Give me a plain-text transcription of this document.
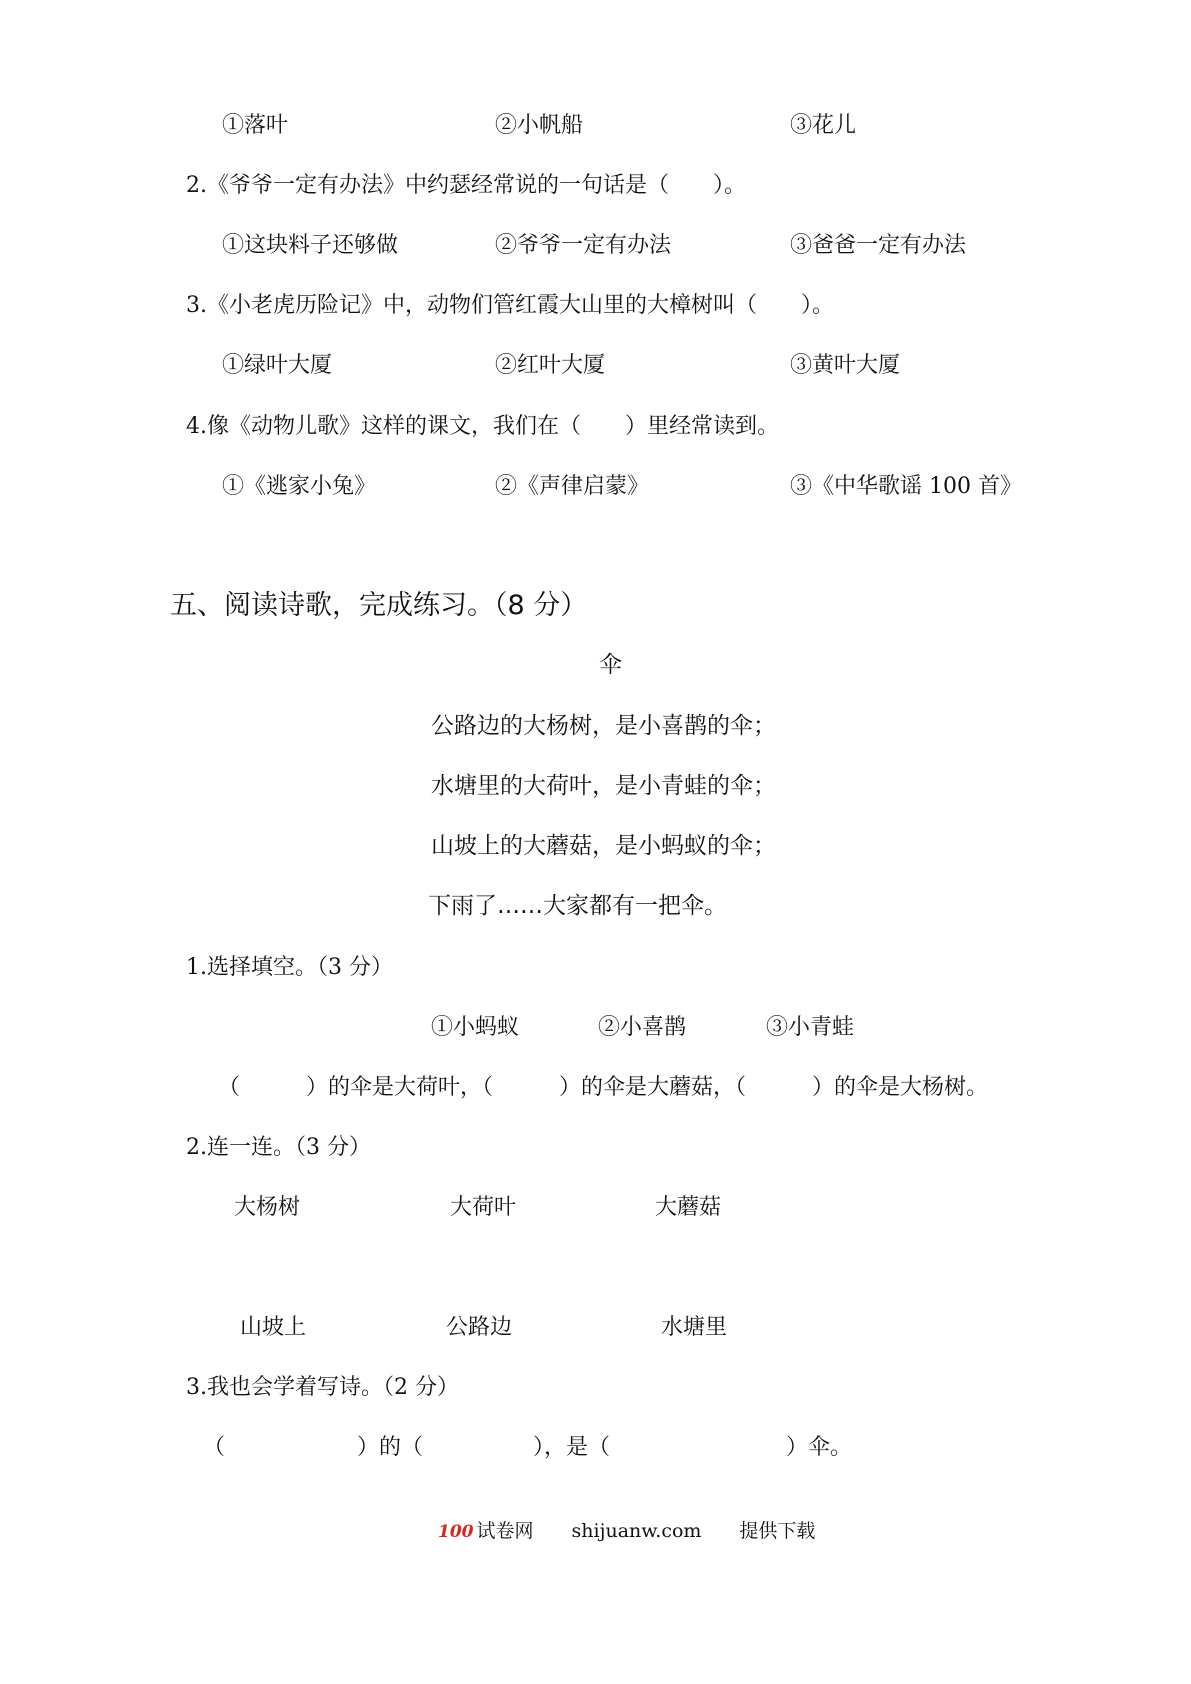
①落叶	②小帆船	③花儿
2.《爷爷一定有办法》中约瑟经常说的一句话是（　　）。
①这块料子还够做	②爷爷一定有办法	③爸爸一定有办法
3.《小老虎历险记》中，动物们管红霞大山里的大樟树叫（　　）。
①绿叶大厦	②红叶大厦	③黄叶大厦
4.像《动物儿歌》这样的课文，我们在（　　）里经常读到。
①《逃家小兔》	②《声律启蒙》	③《中华歌谣 100 首》
五、阅读诗歌，完成练习。（8 分）
伞
公路边的大杨树，是小喜鹊的伞；
水塘里的大荷叶，是小青蛙的伞；
山坡上的大蘑菇，是小蚂蚁的伞；
下雨了……大家都有一把伞。
1.选择填空。（3 分）
①小蚂蚁	②小喜鹊	③小青蛙
（　　　）的伞是大荷叶，（　　　）的伞是大蘑菇，（　　　）的伞是大杨树。
2.连一连。（3 分）
大杨树	大荷叶	大蘑菇
山坡上	公路边	水塘里
3.我也会学着写诗。（2 分）
（　　　　　　）的（　　　　　），是（　　　　　　　　）伞。
100 试卷网 shijuanw.com 提供下载
